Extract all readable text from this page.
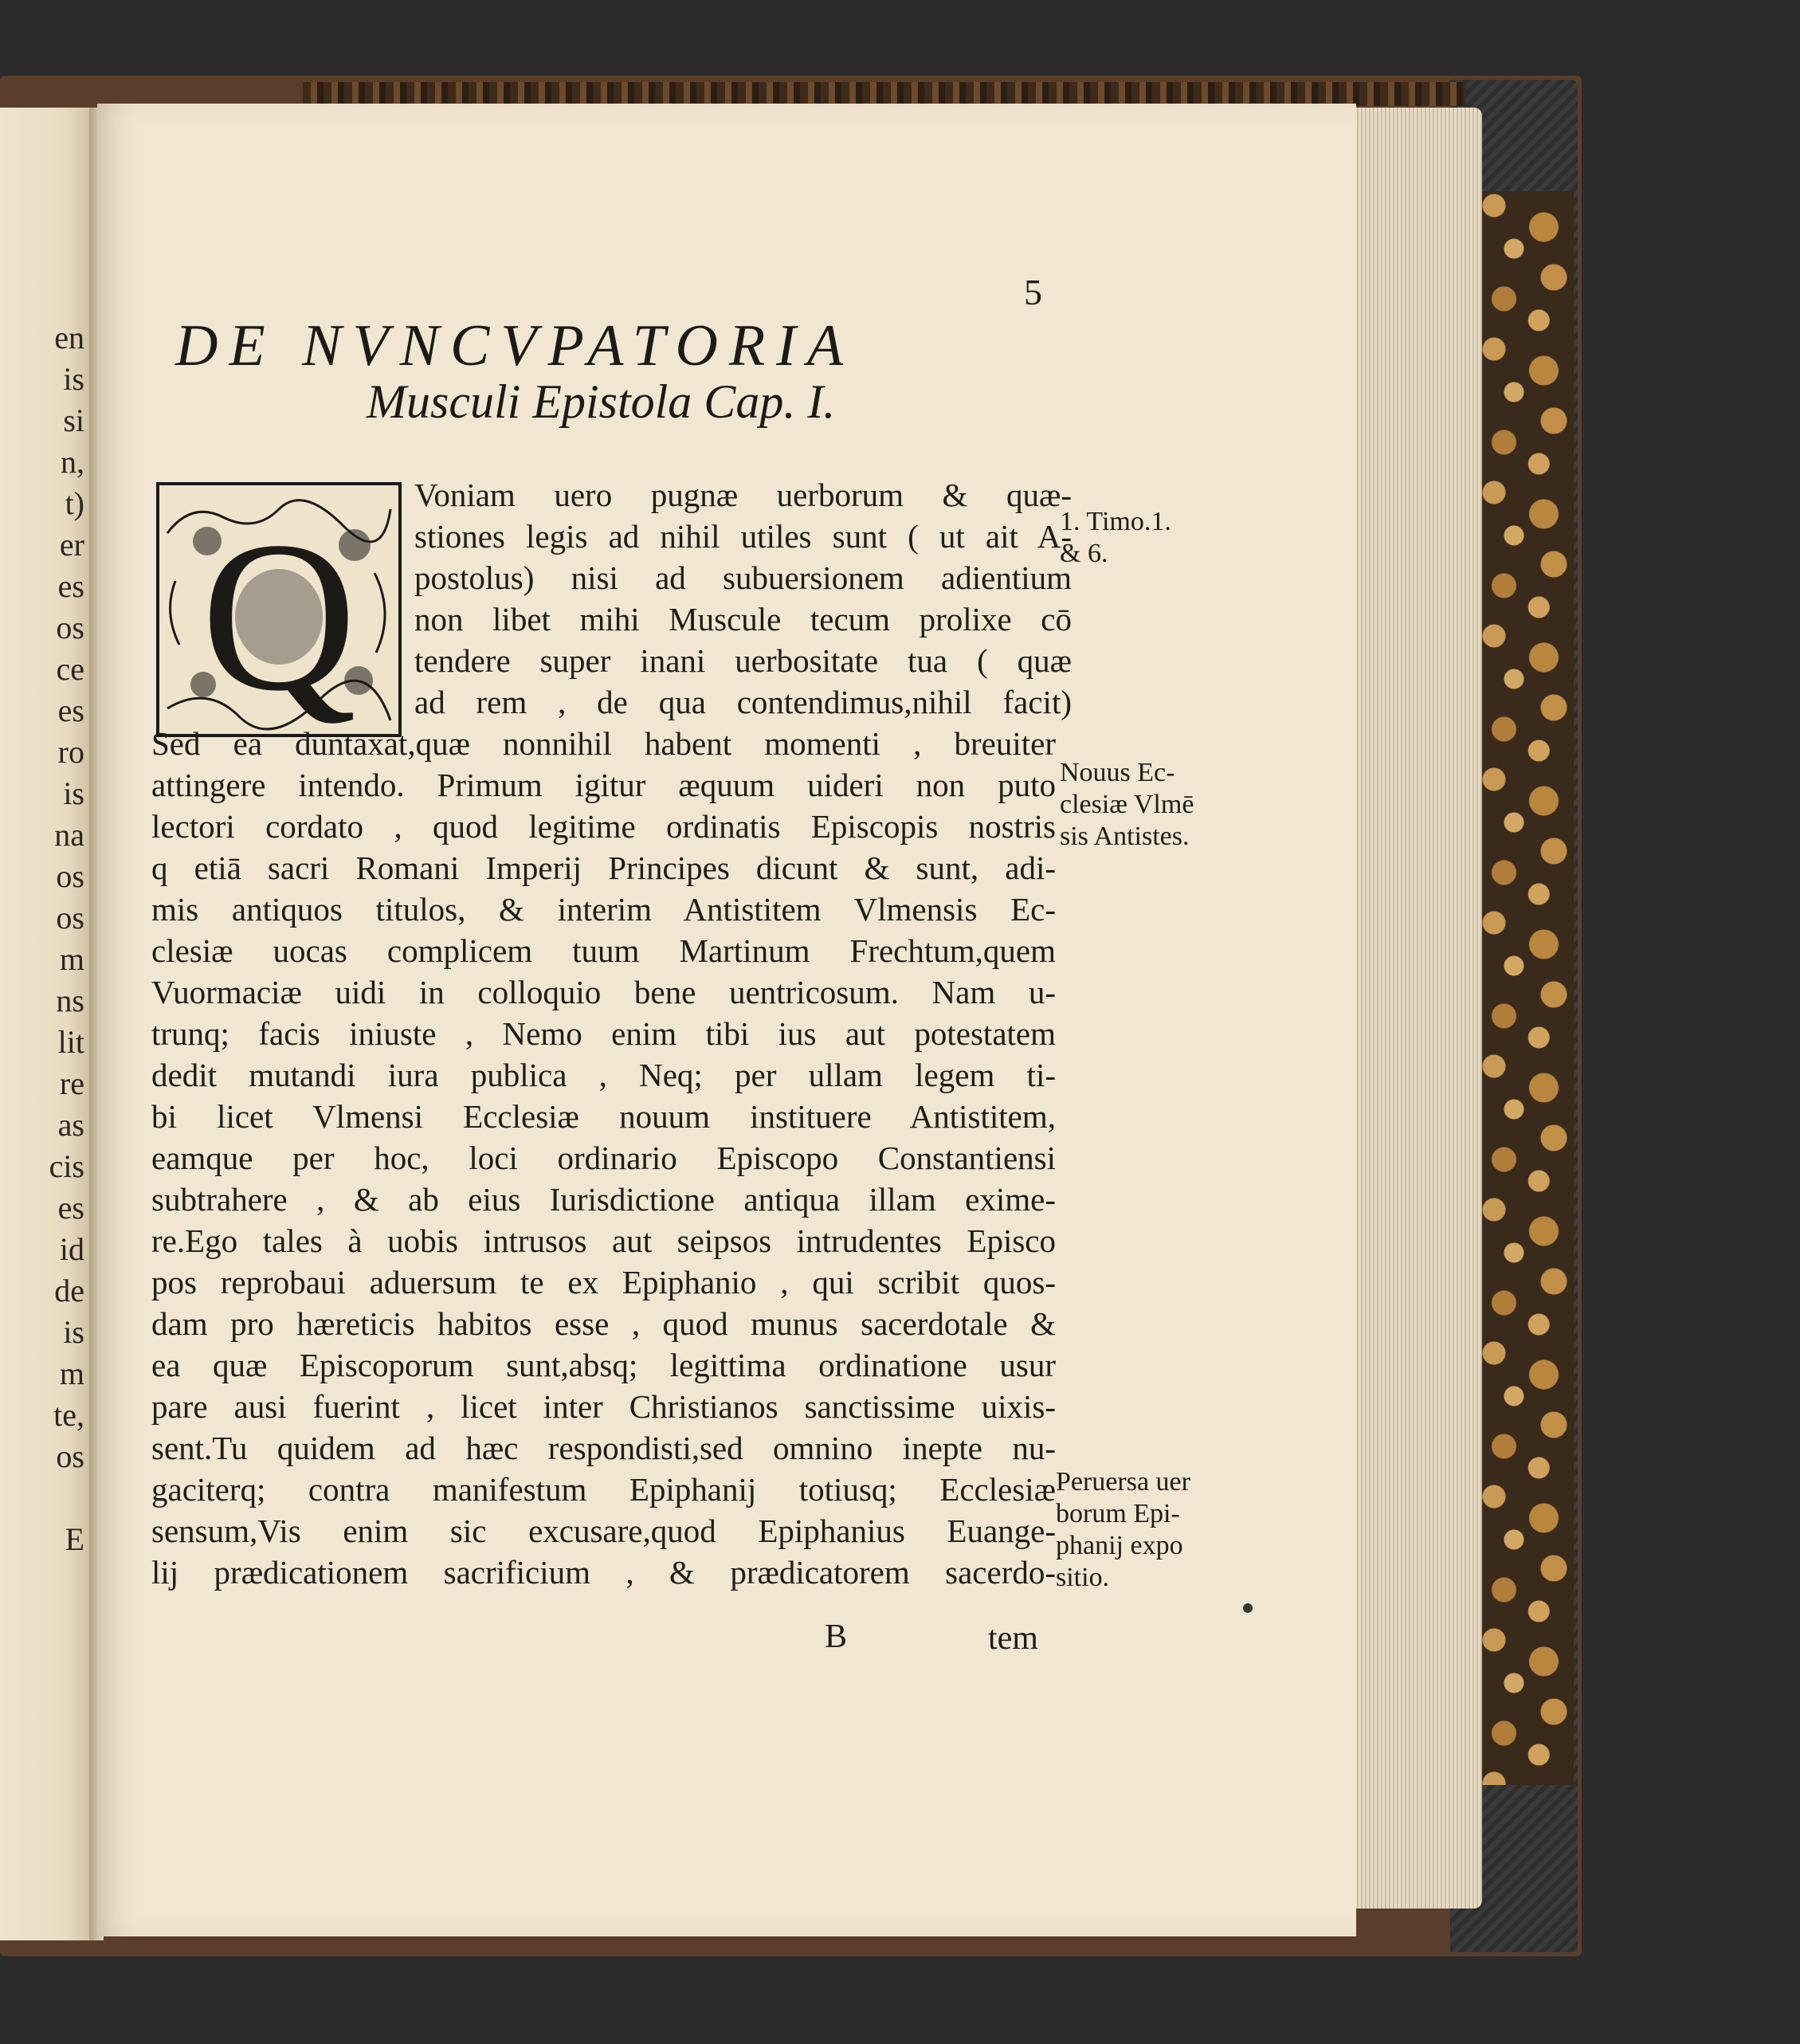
en
is
si
n,
t)
er
es
os
ce
es
ro
is
na
os
os
m
ns
lit
re
as
cis
es
id
de
is
m
te,
os
E
5
DE NVNCVPATORIA
Musculi Epistola Cap. I.
Q
Voniam uero pugnæ uerborum & quæ-
stiones legis ad nihil utiles sunt ( ut ait A-
postolus) nisi ad subuersionem adientium
non libet mihi Muscule tecum prolixe cō
tendere super inani uerbositate tua ( quæ
ad rem , de qua contendimus,nihil facit)
Sed ea duntaxat,quæ nonnihil habent momenti , breuiter
attingere intendo. Primum igitur æquum uideri non puto
lectori cordato , quod legitime ordinatis Episcopis nostris
q etiā sacri Romani Imperij Principes dicunt & sunt, adi-
mis antiquos titulos, & interim Antistitem Vlmensis Ec-
clesiæ uocas complicem tuum Martinum Frechtum,quem
Vuormaciæ uidi in colloquio bene uentricosum. Nam u-
trunq; facis iniuste , Nemo enim tibi ius aut potestatem
dedit mutandi iura publica , Neq; per ullam legem ti-
bi licet Vlmensi Ecclesiæ nouum instituere Antistitem,
eamque per hoc, loci ordinario Episcopo Constantiensi
subtrahere , & ab eius Iurisdictione antiqua illam exime-
re.Ego tales à uobis intrusos aut seipsos intrudentes Episco
pos reprobaui aduersum te ex Epiphanio , qui scribit quos-
dam pro hæreticis habitos esse , quod munus sacerdotale &
ea quæ Episcoporum sunt,absq; legittima ordinatione usur
pare ausi fuerint , licet inter Christianos sanctissime uixis-
sent.Tu quidem ad hæc respondisti,sed omnino inepte nu-
gaciterq; contra manifestum Epiphanij totiusq; Ecclesiæ
sensum,Vis enim sic excusare,quod Epiphanius Euange-
lij prædicationem sacrificium , & prædicatorem sacerdo-
1. Timo.1.
& 6.
Nouus Ec-
clesiæ Vlmē
sis Antistes.
Peruersa uer
borum Epi-
phanij expo
sitio.
B	tem
